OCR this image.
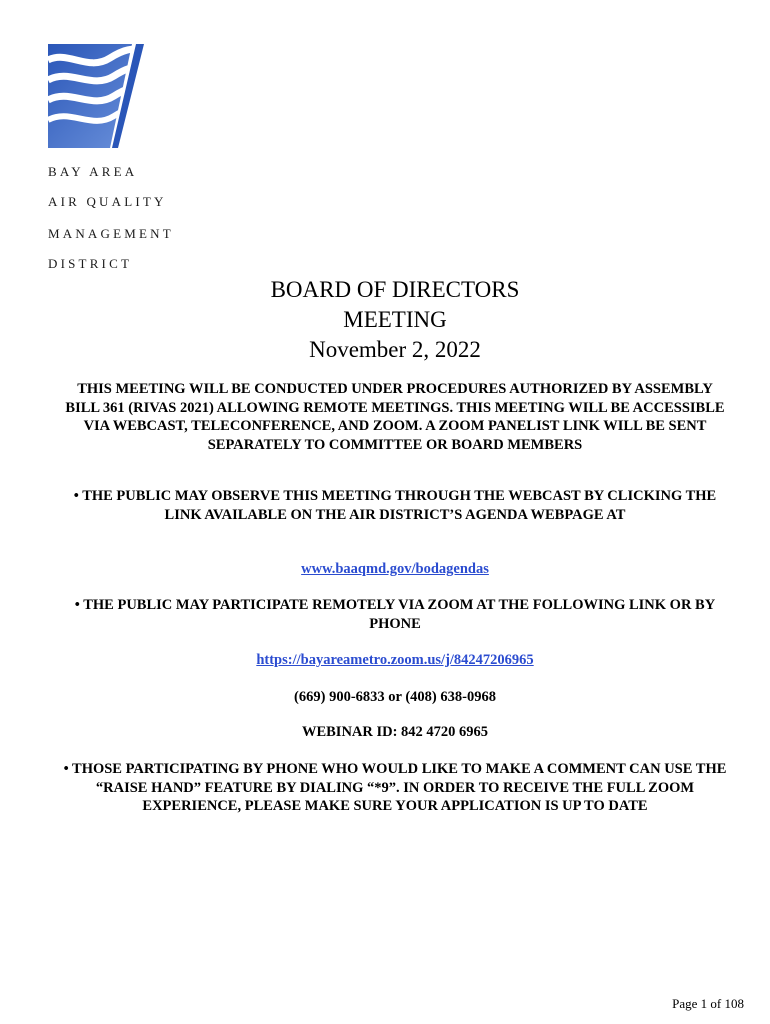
BAY AREA
AIR QUALITY
MANAGEMENT
DISTRICT
BOARD OF DIRECTORS
MEETING
November 2, 2022
THIS MEETING WILL BE CONDUCTED UNDER PROCEDURES AUTHORIZED BY ASSEMBLY BILL 361 (RIVAS 2021) ALLOWING REMOTE MEETINGS. THIS MEETING WILL BE ACCESSIBLE VIA WEBCAST, TELECONFERENCE, AND ZOOM. A ZOOM PANELIST LINK WILL BE SENT SEPARATELY TO COMMITTEE OR BOARD MEMBERS
• THE PUBLIC MAY OBSERVE THIS MEETING THROUGH THE WEBCAST BY CLICKING THE LINK AVAILABLE ON THE AIR DISTRICT’S AGENDA WEBPAGE AT
www.baaqmd.gov/bodagendas
• THE PUBLIC MAY PARTICIPATE REMOTELY VIA ZOOM AT THE FOLLOWING LINK OR BY PHONE
https://bayareametro.zoom.us/j/84247206965
(669) 900-6833 or (408) 638-0968
WEBINAR ID: 842 4720 6965
• THOSE PARTICIPATING BY PHONE WHO WOULD LIKE TO MAKE A COMMENT CAN USE THE “RAISE HAND” FEATURE BY DIALING “*9”. IN ORDER TO RECEIVE THE FULL ZOOM EXPERIENCE, PLEASE MAKE SURE YOUR APPLICATION IS UP TO DATE
Page 1 of 108
